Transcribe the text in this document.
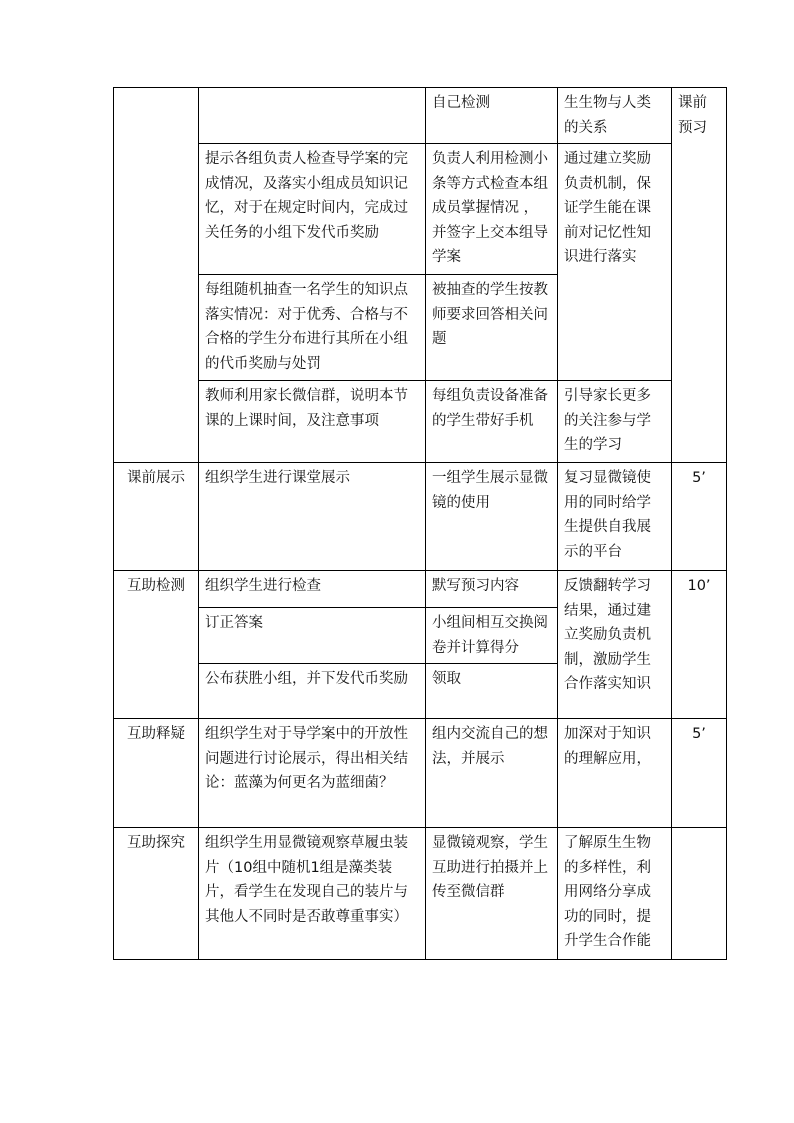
		自己检测	生生物与人类的关系	课前预习
	提示各组负责人检查导学案的完成情况，及落实小组成员知识记忆，对于在规定时间内，完成过关任务的小组下发代币奖励	负责人利用检测小条等方式检查本组成员掌握情况 ，并签字上交本组导学案	通过建立奖励负责机制，保证学生能在课前对记忆性知识进行落实	
	每组随机抽查一名学生的知识点落实情况：对于优秀、合格与不合格的学生分布进行其所在小组的代币奖励与处罚	被抽查的学生按教师要求回答相关问题		
	教师利用家长微信群，说明本节课的上课时间，及注意事项	每组负责设备准备的学生带好手机	引导家长更多的关注参与学生的学习	
课前展示	组织学生进行课堂展示	一组学生展示显微镜的使用	复习显微镜使用的同时给学生提供自我展示的平台	5’
互助检测	组织学生进行检查	默写预习内容	反馈翻转学习结果，通过建立奖励负责机制，激励学生合作落实知识	10’
	订正答案	小组间相互交换阅卷并计算得分		
	公布获胜小组，并下发代币奖励	领取		
互助释疑	组织学生对于导学案中的开放性问题进行讨论展示，得出相关结论：蓝藻为何更名为蓝细菌？	组内交流自己的想法，并展示	加深对于知识的理解应用，	5’
互助探究	组织学生用显微镜观察草履虫装片（10组中随机1组是藻类装片，看学生在发现自己的装片与其他人不同时是否敢尊重事实）	显微镜观察，学生互助进行拍摄并上传至微信群	了解原生生物的多样性，利用网络分享成功的同时，提升学生合作能	
